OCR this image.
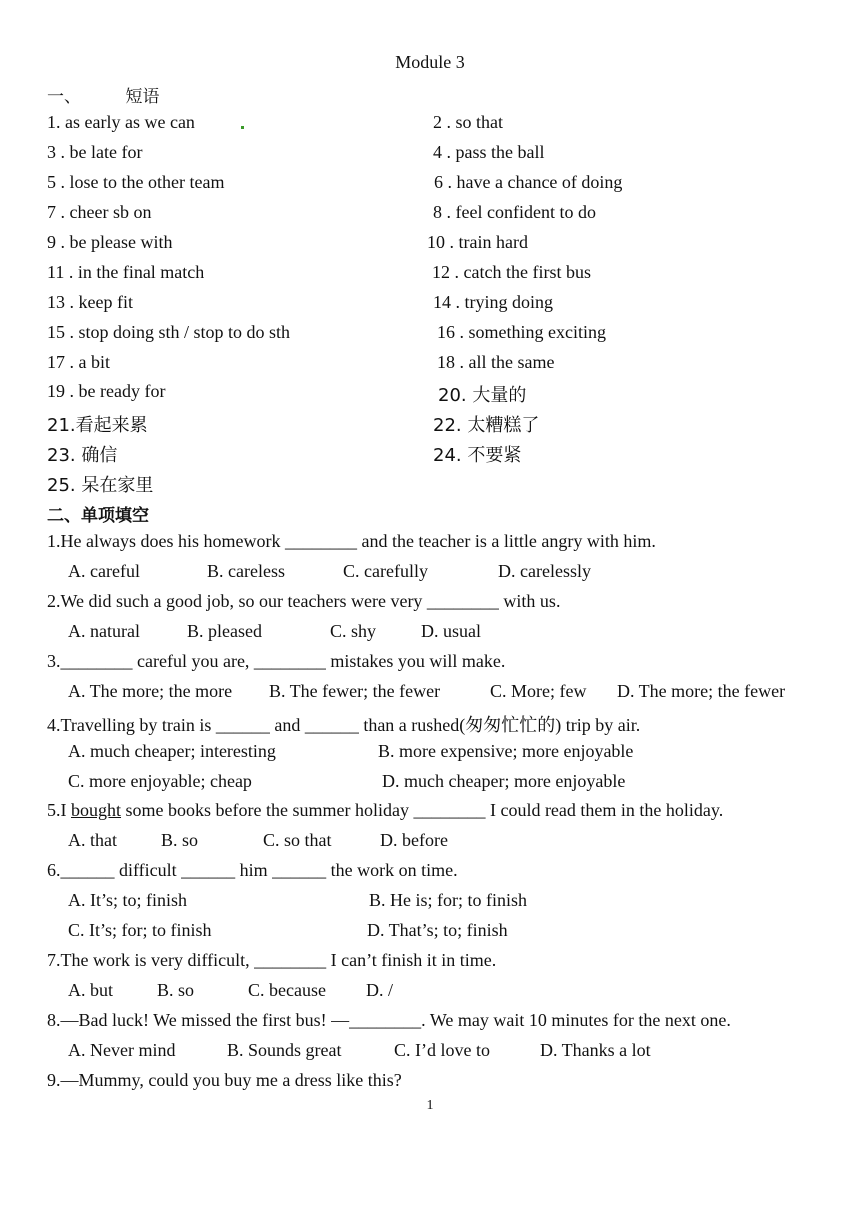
Module 3
一、	短语
1. as early as we can	2 . so that
3 . be late for	4 . pass the ball
5 . lose to the other team	6 . have a chance of doing
7 . cheer sb on	8 . feel confident to do
9 . be please with	10 . train hard
11 . in the final match	12 . catch the first bus
13 . keep fit	14 . trying doing
15 . stop doing sth / stop to do sth	16 . something exciting
17 . a bit	18 . all the same
19 . be ready for	20. 大量的
21.看起来累	22. 太糟糕了
23. 确信	24. 不要紧
25. 呆在家里
二、单项填空
1.He always does his homework ________ and the teacher is a little angry with him.
A. careful	B. careless	C. carefully	D. carelessly
2.We did such a good job, so our teachers were very ________ with us.
A. natural	B. pleased	C. shy D. usual
3.________ careful you are, ________ mistakes you will make.
A. The more; the more B. The fewer; the fewer	C. More; few D. The more; the fewer
4.Travelling by train is ______ and ______ than a rushed(匆匆忙忙的) trip by air.
A. much cheaper; interesting	B. more expensive; more enjoyable
C. more enjoyable; cheap	D. much cheaper; more enjoyable
5.I bought some books before the summer holiday ________ I could read them in the holiday.
A. that B. so	C. so that	D. before
6.______ difficult ______ him ______ the work on time.
A. It’s; to; finish	B. He is; for; to finish
C. It’s; for; to finish	D. That’s; to; finish
7.The work is very difficult, ________ I can’t finish it in time.
A. but B. so	C. because D. /
8.—Bad luck! We missed the first bus! —________. We may wait 10 minutes for the next one.
A. Never mind	B. Sounds great	C. I’d love to	D. Thanks a lot
9.—Mummy, could you buy me a dress like this?
1
